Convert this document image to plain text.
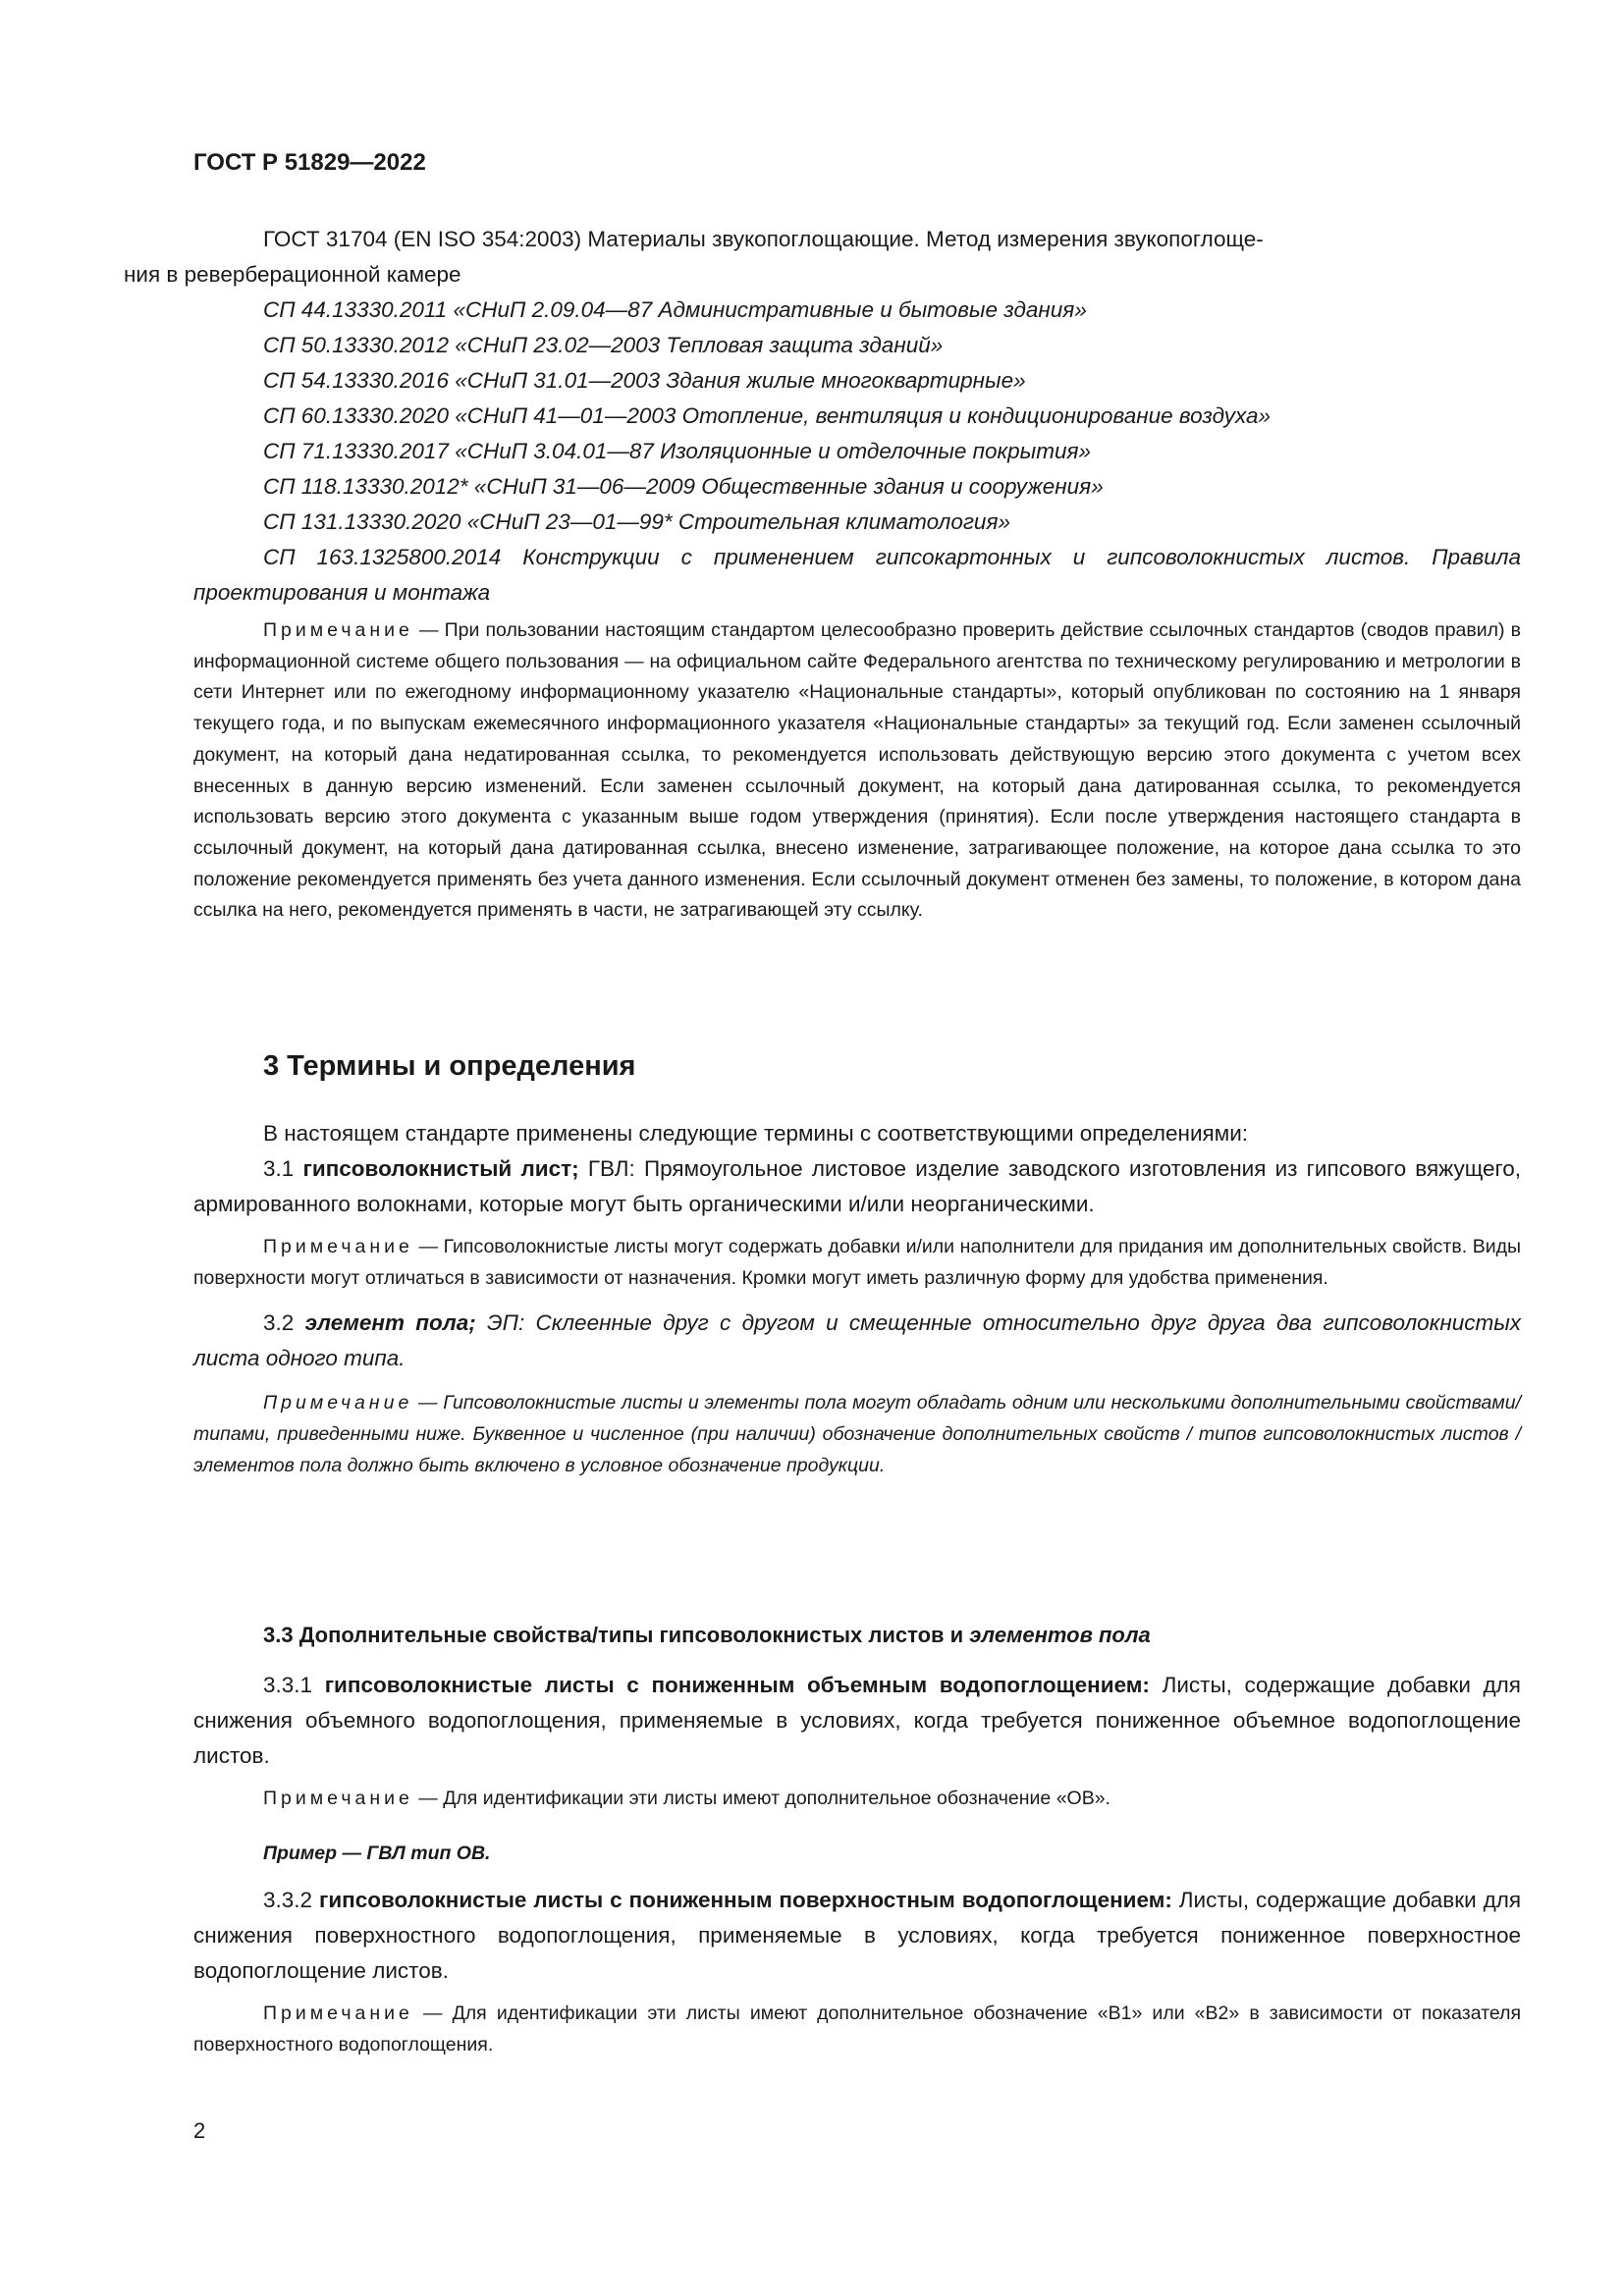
ГОСТ Р 51829—2022

ГОСТ 31704 (EN ISO 354:2003) Материалы звукопоглощающие. Метод измерения звукопоглоще-
ния в реверберационной камере

СП 44.13330.2011 «СНиП 2.09.04—87 Административные и бытовые здания»

СП 50.13330.2012 «СНиП 23.02—2003 Тепловая защита зданий»

СП 54.13330.2016 «СНиП 31.01—2003 Здания жилые многоквартирные»

СП 60.13330.2020 «СНиП 41—01—2003 Отопление, вентиляция и кондиционирование воздуха»

СП 71.13330.2017 «СНиП 3.04.01—87 Изоляционные и отделочные покрытия»

СП 118.13330.2012* «СНиП 31—06—2009 Общественные здания и сооружения»

СП 131.13330.2020 «СНиП 23—01—99* Строительная климатология»

СП 163.1325800.2014 Конструкции с применением гипсокартонных и гипсоволокнистых листов. Правила проектирования и монтажа

Примечание — При пользовании настоящим стандартом целесообразно проверить действие ссылочных стандартов (сводов правил) в информационной системе общего пользования — на официальном сайте Федерального агентства по техническому регулированию и метрологии в сети Интернет или по ежегодному информационному указателю «Национальные стандарты», который опубликован по состоянию на 1 января текущего года, и по выпускам ежемесячного информационного указателя «Национальные стандарты» за текущий год. Если заменен ссылочный документ, на который дана недатированная ссылка, то рекомендуется использовать действующую версию этого документа с учетом всех внесенных в данную версию изменений. Если заменен ссылочный документ, на который дана датированная ссылка, то рекомендуется использовать версию этого документа с указанным выше годом утверждения (принятия). Если после утверждения настоящего стандарта в ссылочный документ, на который дана датированная ссылка, внесено изменение, затрагивающее положение, на которое дана ссылка то это положение рекомендуется применять без учета данного изменения. Если ссылочный документ отменен без замены, то положение, в котором дана ссылка на него, рекомендуется применять в части, не затрагивающей эту ссылку.

3 Термины и определения

В настоящем стандарте применены следующие термины с соответствующими определениями:

3.1 гипсоволокнистый лист; ГВЛ: Прямоугольное листовое изделие заводского изготовления из гипсового вяжущего, армированного волокнами, которые могут быть органическими и/или неорганическими.

Примечание — Гипсоволокнистые листы могут содержать добавки и/или наполнители для придания им дополнительных свойств. Виды поверхности могут отличаться в зависимости от назначения. Кромки могут иметь различную форму для удобства применения.

3.2 элемент пола; ЭП: Склеенные друг с другом и смещенные относительно друг друга два гипсоволокнистых листа одного типа.

Примечание — Гипсоволокнистые листы и элементы пола могут обладать одним или несколькими дополнительными свойствами/типами, приведенными ниже. Буквенное и численное (при наличии) обозначение дополнительных свойств / типов гипсоволокнистых листов / элементов пола должно быть включено в условное обозначение продукции.

3.3 Дополнительные свойства/типы гипсоволокнистых листов и элементов пола

3.3.1 гипсоволокнистые листы с пониженным объемным водопоглощением: Листы, содержащие добавки для снижения объемного водопоглощения, применяемые в условиях, когда требуется пониженное объемное водопоглощение листов.

Примечание — Для идентификации эти листы имеют дополнительное обозначение «ОВ».

Пример — ГВЛ тип ОВ.

3.3.2 гипсоволокнистые листы с пониженным поверхностным водопоглощением: Листы, содержащие добавки для снижения поверхностного водопоглощения, применяемые в условиях, когда требуется пониженное поверхностное водопоглощение листов.

Примечание — Для идентификации эти листы имеют дополнительное обозначение «В1» или «В2» в зависимости от показателя поверхностного водопоглощения.

2
